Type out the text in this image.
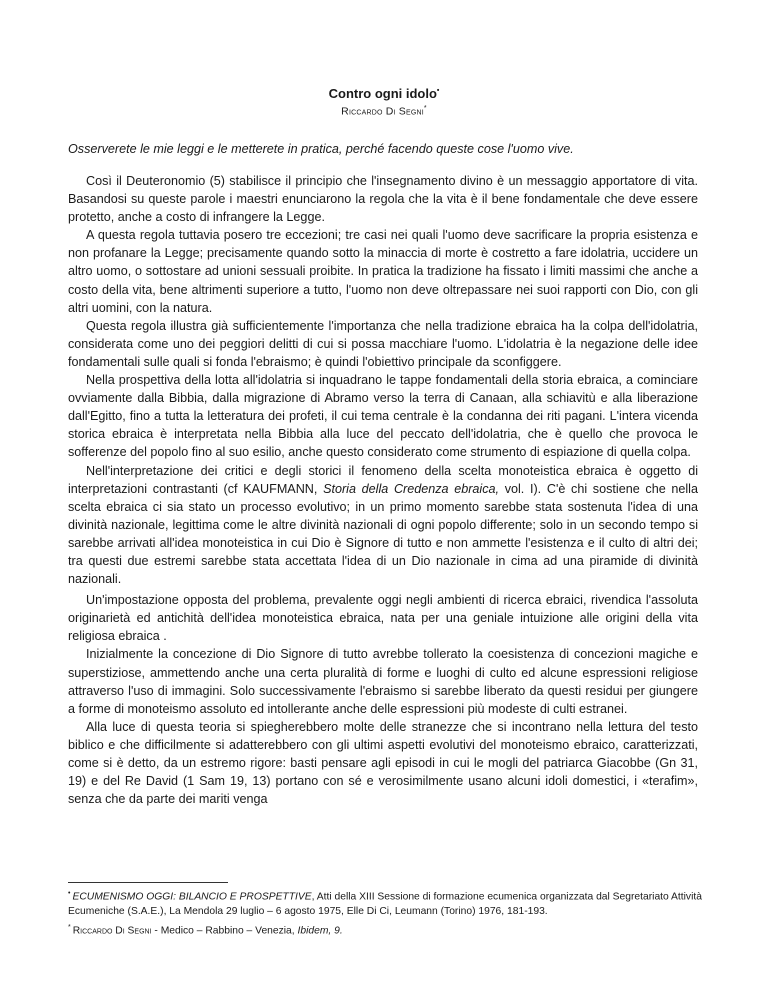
Contro ogni idolo•
Riccardo Di Segni*
Osserverete le mie leggi e le metterete in pratica, perché facendo queste cose l'uomo vive.

Così il Deuteronomio (5) stabilisce il principio che l'insegnamento divino è un messaggio apportatore di vita. Basandosi su queste parole i maestri enunciarono la regola che la vita è il bene fondamentale che deve essere protetto, anche a costo di infrangere la Legge.

A questa regola tuttavia posero tre eccezioni; tre casi nei quali l'uomo deve sacrificare la propria esistenza e non profanare la Legge; precisamente quando sotto la minaccia di morte è costretto a fare idolatria, uccidere un altro uomo, o sottostare ad unioni sessuali proibite. In pratica la tradizione ha fissato i limiti massimi che anche a costo della vita, bene altrimenti superiore a tutto, l'uomo non deve oltrepassare nei suoi rapporti con Dio, con gli altri uomini, con la natura.

Questa regola illustra già sufficientemente l'importanza che nella tradizione ebraica ha la colpa dell'idolatria, considerata come uno dei peggiori delitti di cui si possa macchiare l'uomo. L'idolatria è la negazione delle idee fondamentali sulle quali si fonda l'ebraismo; è quindi l'obiettivo principale da sconfiggere.

Nella prospettiva della lotta all'idolatria si inquadrano le tappe fondamentali della storia ebraica, a cominciare ovviamente dalla Bibbia, dalla migrazione di Abramo verso la terra di Canaan, alla schiavitù e alla liberazione dall'Egitto, fino a tutta la letteratura dei profeti, il cui tema centrale è la condanna dei riti pagani. L'intera vicenda storica ebraica è interpretata nella Bibbia alla luce del peccato dell'idolatria, che è quello che provoca le sofferenze del popolo fino al suo esilio, anche questo considerato come strumento di espiazione di quella colpa.

Nell'interpretazione dei critici e degli storici il fenomeno della scelta monoteistica ebraica è oggetto di interpretazioni contrastanti (cf KAUFMANN, Storia della Credenza ebraica, vol. I). C'è chi sostiene che nella scelta ebraica ci sia stato un processo evolutivo; in un primo momento sarebbe stata sostenuta l'idea di una divinità nazionale, legittima come le altre divinità nazionali di ogni popolo differente; solo in un secondo tempo si sarebbe arrivati all'idea monoteistica in cui Dio è Signore di tutto e non ammette l'esistenza e il culto di altri dei; tra questi due estremi sarebbe stata accettata l'idea di un Dio nazionale in cima ad una piramide di divinità nazionali.

Un'impostazione opposta del problema, prevalente oggi negli ambienti di ricerca ebraici, rivendica l'assoluta originarietà ed antichità dell'idea monoteistica ebraica, nata per una geniale intuizione alle origini della vita religiosa ebraica .

Inizialmente la concezione di Dio Signore di tutto avrebbe tollerato la coesistenza di concezioni magiche e superstiziose, ammettendo anche una certa pluralità di forme e luoghi di culto ed alcune espressioni religiose attraverso l'uso di immagini. Solo successivamente l'ebraismo si sarebbe liberato da questi residui per giungere a forme di monoteismo assoluto ed intollerante anche delle espressioni più modeste di culti estranei.

Alla luce di questa teoria si spiegherebbero molte delle stranezze che si incontrano nella lettura del testo biblico e che difficilmente si adatterebbero con gli ultimi aspetti evolutivi del monoteismo ebraico, caratterizzati, come si è detto, da un estremo rigore: basti pensare agli episodi in cui le mogli del patriarca Giacobbe (Gn 31, 19) e del Re David (1 Sam 19, 13) portano con sé e verosimilmente usano alcuni idoli domestici, i «terafim», senza che da parte dei mariti venga

• ECUMENISMO OGGI: BILANCIO E PROSPETTIVE, Atti della XIII Sessione di formazione ecumenica organizzata dal Segretariato Attività Ecumeniche (S.A.E.), La Mendola 29 luglio – 6 agosto 1975, Elle Di Ci, Leumann (Torino) 1976, 181-193.

* Riccardo Di Segni - Medico – Rabbino – Venezia, Ibidem, 9.
